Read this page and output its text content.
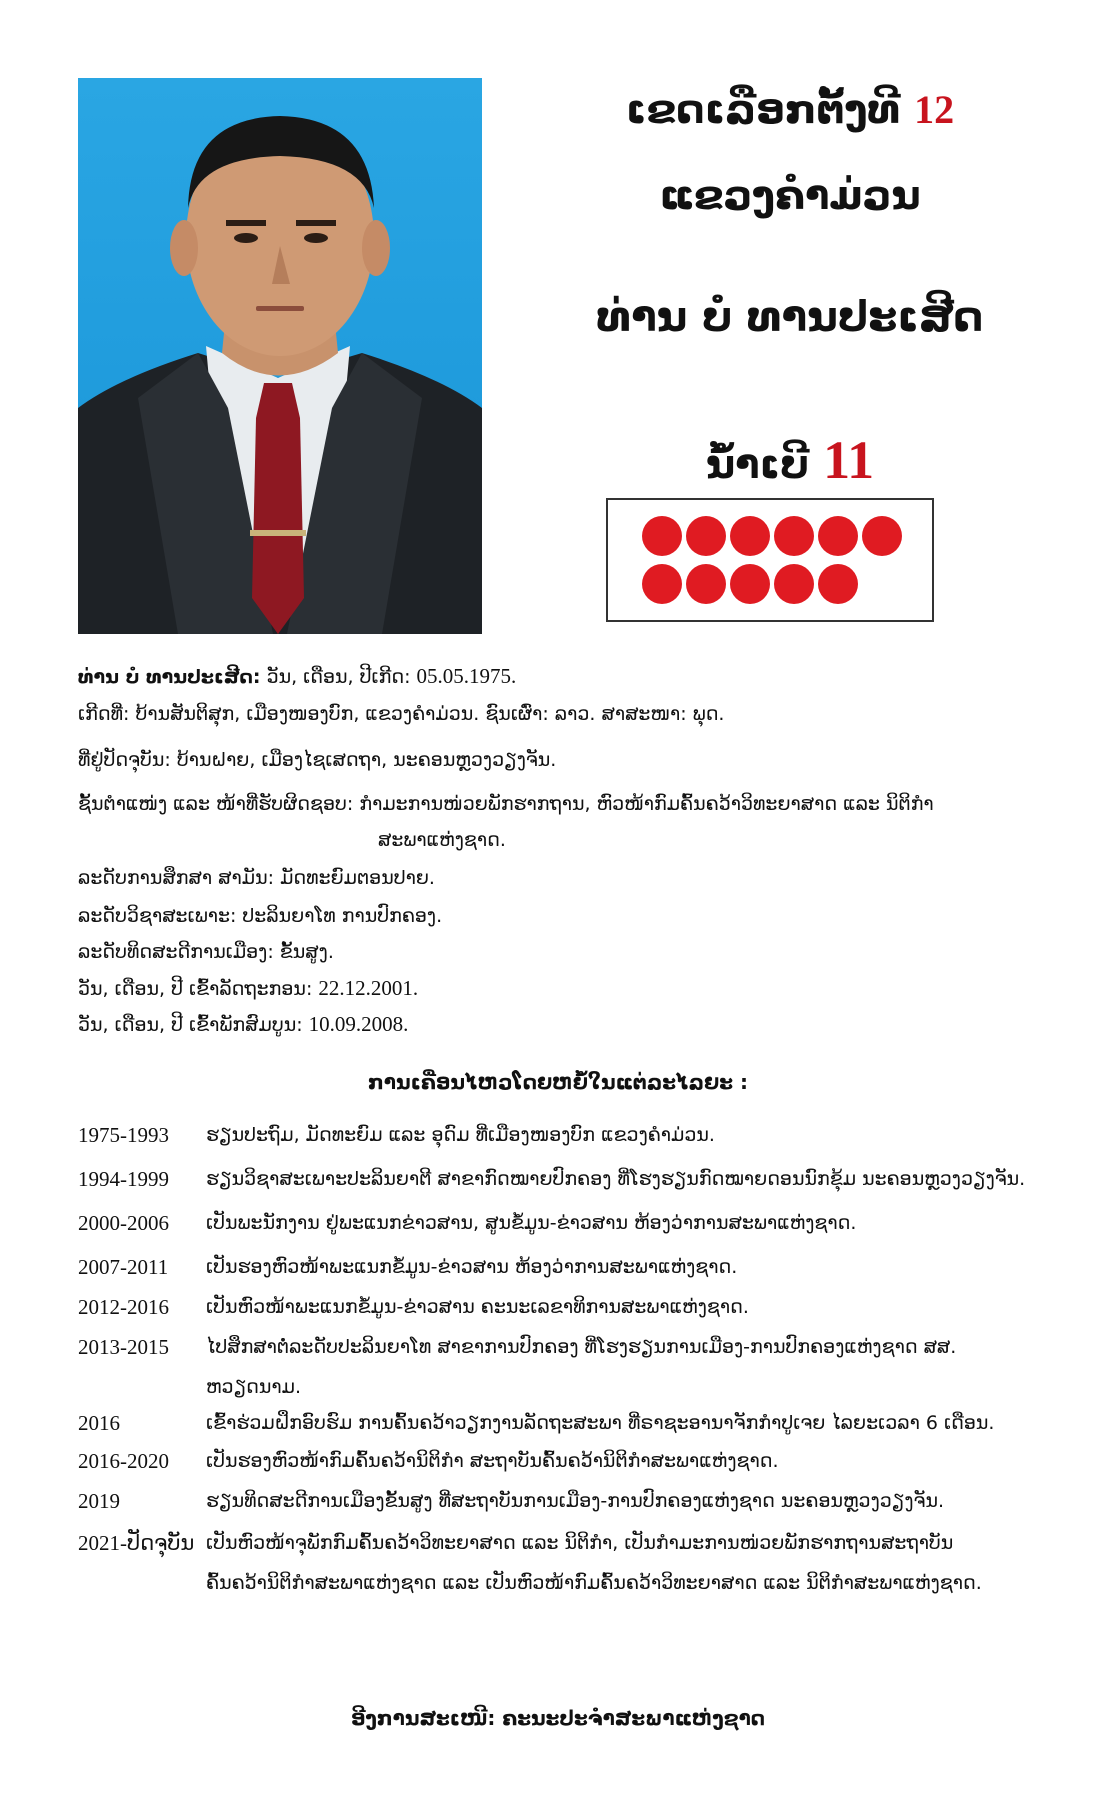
ເຂດເລືອກຕັ້ງທີ 12
ແຂວງຄຳມ່ວນ
ທ່ານ ບໍ ທານປະເສີດ
ນ້ຳເບີ 11
ທ່ານ ບໍ ທານປະເສີດ: ວັນ, ເດືອນ, ປີເກີດ: 05.05.1975.
ເກີດທີ່: ບ້ານສັນຕິສຸກ, ເມືອງໜອງບົກ, ແຂວງຄຳມ່ວນ. ຊົນເຜົ່າ: ລາວ. ສາສະໜາ: ພຸດ.
ທີ່ຢູ່ປັດຈຸບັນ: ບ້ານຝາຍ, ເມືອງໄຊເສດຖາ, ນະຄອນຫຼວງວຽງຈັນ.
ຊັ້ນຕຳແໜ່ງ ແລະ ໜ້າທີ່ຮັບຜິດຊອບ: ກຳມະການໜ່ວຍພັກຮາກຖານ, ຫົວໜ້າກົມຄົ້ນຄວ້າວິທະຍາສາດ ແລະ ນິຕິກຳ
ສະພາແຫ່ງຊາດ.
ລະດັບການສຶກສາ ສາມັນ: ມັດທະຍົມຕອນປາຍ.
ລະດັບວິຊາສະເພາະ: ປະລິນຍາໂທ ການປົກຄອງ.
ລະດັບທິດສະດີການເມືອງ: ຂັ້ນສູງ.
ວັນ, ເດືອນ, ປີ ເຂົ້າລັດຖະກອນ: 22.12.2001.
ວັນ, ເດືອນ, ປີ ເຂົ້າພັກສົມບູນ: 10.09.2008.
ການເຄື່ອນໄຫວໂດຍຫຍໍ້ໃນແຕ່ລະໄລຍະ :
1975-1993	ຮຽນປະຖົມ, ມັດທະຍົມ ແລະ ອຸດົມ ທີ່ເມືອງໜອງບົກ ແຂວງຄຳມ່ວນ.
1994-1999	ຮຽນວິຊາສະເພາະປະລິນຍາຕີ ສາຂາກົດໝາຍປົກຄອງ ທີ່ໂຮງຮຽນກົດໝາຍດອນນົກຂຸ້ມ ນະຄອນຫຼວງວຽງຈັນ.
2000-2006	ເປັນພະນັກງານ ຢູ່ພະແນກຂ່າວສານ, ສູນຂໍ້ມູນ-ຂ່າວສານ ຫ້ອງວ່າການສະພາແຫ່ງຊາດ.
2007-2011	ເປັນຮອງຫົວໜ້າພະແນກຂໍ້ມູນ-ຂ່າວສານ ຫ້ອງວ່າການສະພາແຫ່ງຊາດ.
2012-2016	ເປັນຫົວໜ້າພະແນກຂໍ້ມູນ-ຂ່າວສານ ຄະນະເລຂາທິການສະພາແຫ່ງຊາດ.
2013-2015	ໄປສຶກສາຕໍ່ລະດັບປະລິນຍາໂທ ສາຂາການປົກຄອງ ທີ່ໂຮງຮຽນການເມືອງ-ການປົກຄອງແຫ່ງຊາດ ສສ.
ຫວຽດນາມ.
2016	ເຂົ້າຮ່ວມຝຶກອົບຮົມ ການຄົ້ນຄວ້າວຽກງານລັດຖະສະພາ ທີ່ຣາຊະອານາຈັກກຳປູເຈຍ ໄລຍະເວລາ 6 ເດືອນ.
2016-2020	ເປັນຮອງຫົວໜ້າກົມຄົ້ນຄວ້ານິຕິກຳ ສະຖາບັນຄົ້ນຄວ້ານິຕິກຳສະພາແຫ່ງຊາດ.
2019	ຮຽນທິດສະດີການເມືອງຂັ້ນສູງ ທີ່ສະຖາບັນການເມືອງ-ການປົກຄອງແຫ່ງຊາດ ນະຄອນຫຼວງວຽງຈັນ.
2021-ປັດຈຸບັນ ເປັນຫົວໜ້າຈຸພັກກົມຄົ້ນຄວ້າວິທະຍາສາດ ແລະ ນິຕິກຳ, ເປັນກຳມະການໜ່ວຍພັກຮາກຖານສະຖາບັນ
ຄົ້ນຄວ້ານິຕິກຳສະພາແຫ່ງຊາດ ແລະ ເປັນຫົວໜ້າກົມຄົ້ນຄວ້າວິທະຍາສາດ ແລະ ນິຕິກຳສະພາແຫ່ງຊາດ.
ອີງການສະເໜີ: ຄະນະປະຈຳສະພາແຫ່ງຊາດ
